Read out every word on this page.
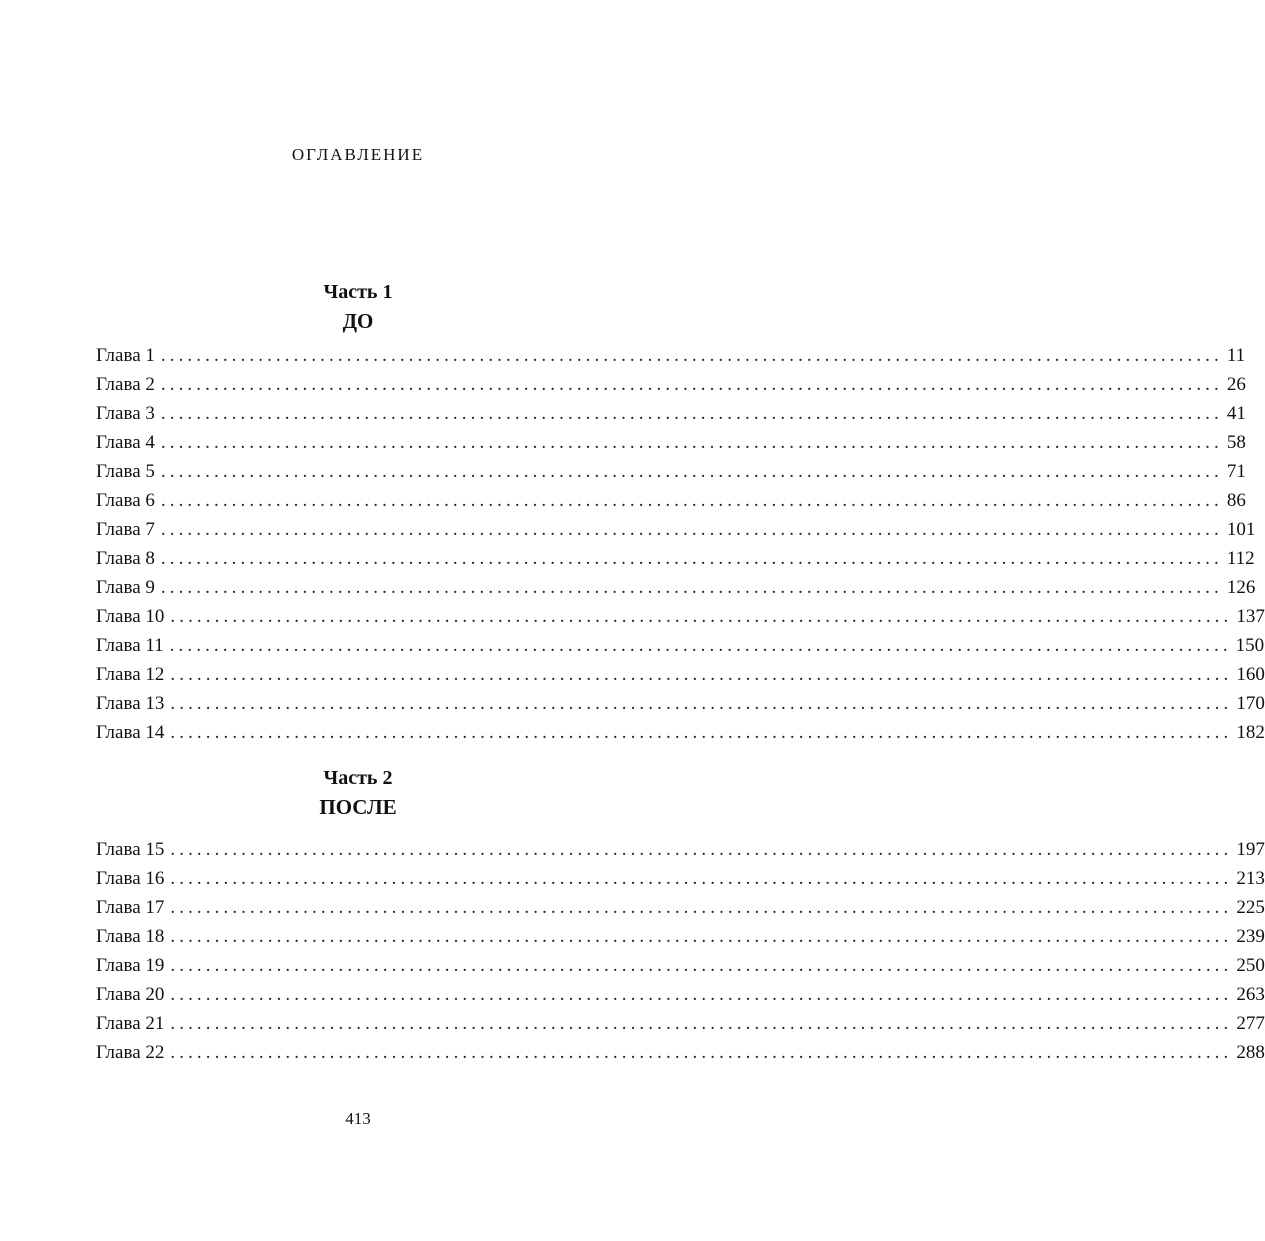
ОГЛАВЛЕНИЕ
Часть 1
ДО
Глава 1 ........................................................................................................................ 11
Глава 2 ........................................................................................................................ 26
Глава 3 ........................................................................................................................ 41
Глава 4 ........................................................................................................................ 58
Глава 5 ........................................................................................................................ 71
Глава 6 ........................................................................................................................ 86
Глава 7 ........................................................................................................................ 101
Глава 8 ........................................................................................................................ 112
Глава 9 ........................................................................................................................ 126
Глава 10 ........................................................................................................................ 137
Глава 11 ........................................................................................................................ 150
Глава 12 ........................................................................................................................ 160
Глава 13 ........................................................................................................................ 170
Глава 14 ........................................................................................................................ 182
Часть 2
ПОСЛЕ
Глава 15 ........................................................................................................................ 197
Глава 16 ........................................................................................................................ 213
Глава 17 ........................................................................................................................ 225
Глава 18 ........................................................................................................................ 239
Глава 19 ........................................................................................................................ 250
Глава 20 ........................................................................................................................ 263
Глава 21 ........................................................................................................................ 277
Глава 22 ........................................................................................................................ 288
413
